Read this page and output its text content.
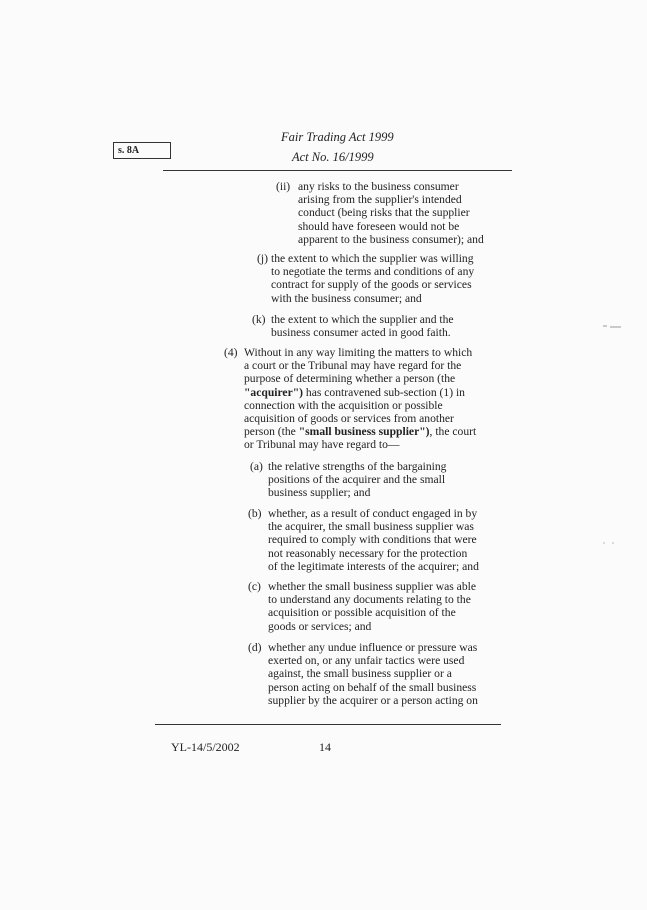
s. 8A
Fair Trading Act 1999
Act No. 16/1999
(ii) any risks to the business consumer
arising from the supplier's intended
conduct (being risks that the supplier
should have foreseen would not be
apparent to the business consumer); and
(j) the extent to which the supplier was willing
to negotiate the terms and conditions of any
contract for supply of the goods or services
with the business consumer; and
(k) the extent to which the supplier and the
business consumer acted in good faith.
(4) Without in any way limiting the matters to which
a court or the Tribunal may have regard for the
purpose of determining whether a person (the
"acquirer") has contravened sub-section (1) in
connection with the acquisition or possible
acquisition of goods or services from another
person (the "small business supplier"), the court
or Tribunal may have regard to—
(a) the relative strengths of the bargaining
positions of the acquirer and the small
business supplier; and
(b) whether, as a result of conduct engaged in by
the acquirer, the small business supplier was
required to comply with conditions that were
not reasonably necessary for the protection
of the legitimate interests of the acquirer; and
(c) whether the small business supplier was able
to understand any documents relating to the
acquisition or possible acquisition of the
goods or services; and
(d) whether any undue influence or pressure was
exerted on, or any unfair tactics were used
against, the small business supplier or a
person acting on behalf of the small business
supplier by the acquirer or a person acting on
YL-14/5/2002	14
